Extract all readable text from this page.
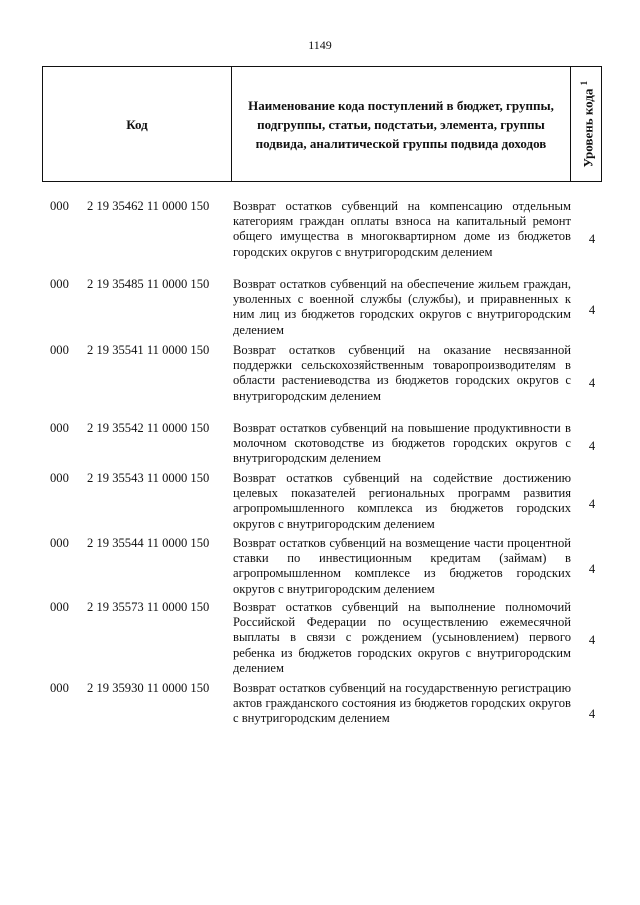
1149
Код
Наименование кода поступлений в бюджет, группы, подгруппы, статьи, подстатьи, элемента, группы подвида, аналитической группы подвида доходов	Уровень кода $^1$
000 2 19 35462 11 0000 150 Возврат остатков субвенций на компенсацию отдельным категориям граждан оплаты взноса на капитальный ремонт общего имущества в многоквартирном доме из бюджетов городских округов с внутригородским делением
4
000 2 19 35485 11 0000 150 Возврат остатков субвенций на обеспечение жильем граждан, уволенных с военной службы (службы), и приравненных к ним лиц из бюджетов городских округов с внутригородским делением
4
000 2 19 35541 11 0000 150 Возврат остатков субвенций на оказание несвязанной поддержки сельскохозяйственным товаропроизводителям в области растениеводства из бюджетов городских округов с внутригородским делением
4
000 2 19 35542 11 0000 150 Возврат остатков субвенций на повышение продуктивности в молочном скотоводстве из бюджетов городских округов с внутригородским делением
4
000 2 19 35543 11 0000 150 Возврат остатков субвенций на содействие достижению целевых показателей региональных программ развития агропромышленного комплекса из бюджетов городских округов с внутригородским делением
4
000 2 19 35544 11 0000 150 Возврат остатков субвенций на возмещение части процентной ставки по инвестиционным кредитам (займам) в агропромышленном комплексе из бюджетов городских округов с внутригородским делением
4
000 2 19 35573 11 0000 150 Возврат остатков субвенций на выполнение полномочий Российской Федерации по осуществлению ежемесячной выплаты в связи с рождением (усыновлением) первого ребенка из бюджетов городских округов с внутригородским делением
4
000 2 19 35930 11 0000 150 Возврат остатков субвенций на государственную регистрацию актов гражданского состояния из бюджетов городских округов с внутригородским делением	4
